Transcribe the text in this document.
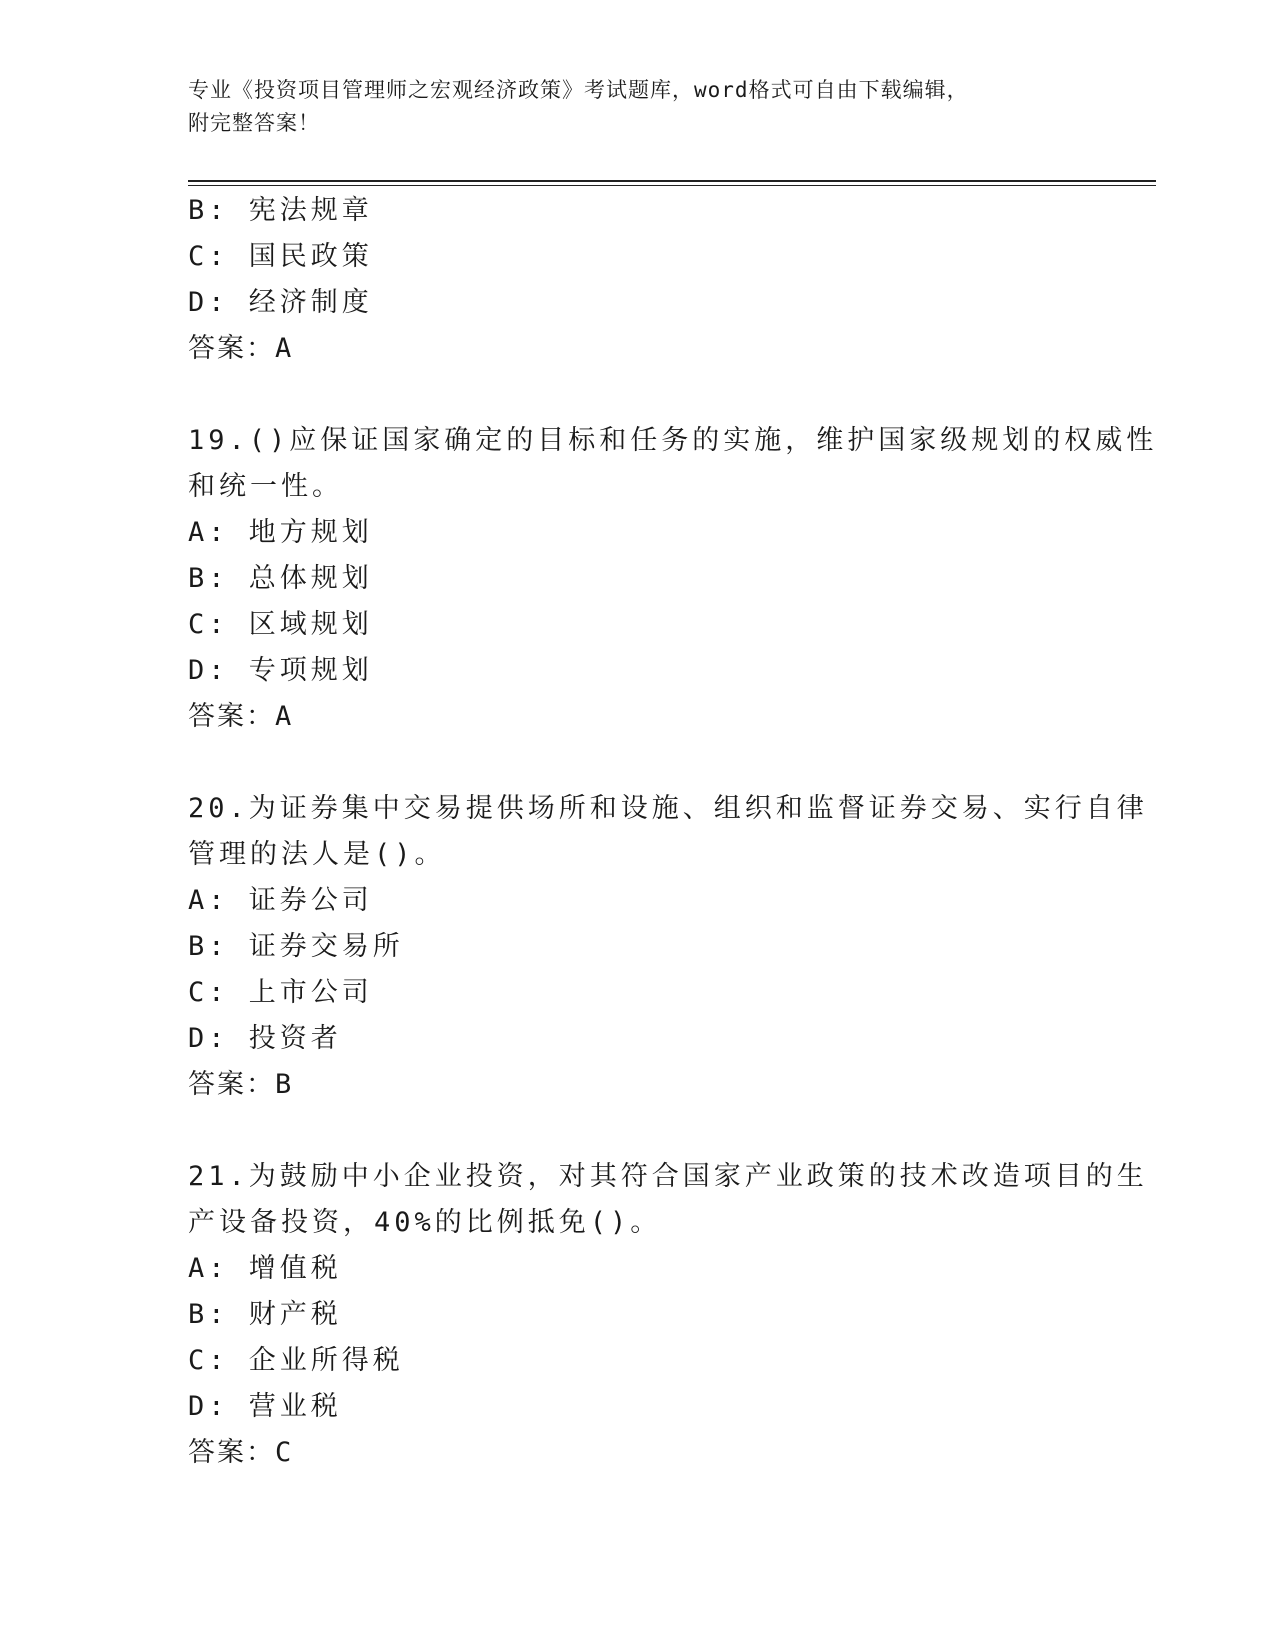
专业《投资项目管理师之宏观经济政策》考试题库，word格式可自由下载编辑，
附完整答案！
B: 宪法规章
C: 国民政策
D: 经济制度
答案：A
19.()应保证国家确定的目标和任务的实施，维护国家级规划的权威性
和统一性。
A: 地方规划
B: 总体规划
C: 区域规划
D: 专项规划
答案：A
20.为证券集中交易提供场所和设施、组织和监督证券交易、实行自律
管理的法人是()。
A: 证券公司
B: 证券交易所
C: 上市公司
D: 投资者
答案：B
21.为鼓励中小企业投资，对其符合国家产业政策的技术改造项目的生
产设备投资，40%的比例抵免()。
A: 增值税
B: 财产税
C: 企业所得税
D: 营业税
答案：C
